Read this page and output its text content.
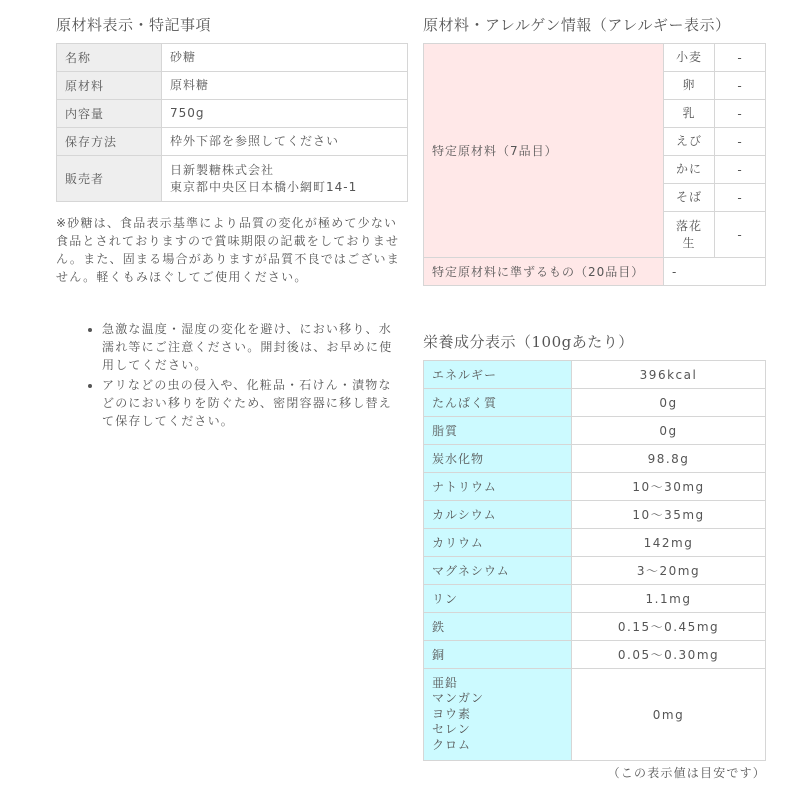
原材料表示・特記事項
名称	砂糖

原材料	原料糖

内容量	750g

保存方法	枠外下部を参照してください

販売者	日新製糖株式会社
東京都中央区日本橋小網町14-1
※砂糖は、食品表示基準により品質の変化が極めて少ない食品とされておりますので賞味期限の記載をしておりません。また、固まる場合がありますが品質不良ではございません。軽くもみほぐしてご使用ください。
• 急激な温度・湿度の変化を避け、におい移り、水濡れ等にご注意ください。開封後は、お早めに使用してください。
• アリなどの虫の侵入や、化粧品・石けん・漬物などのにおい移りを防ぐため、密閉容器に移し替えて保存してください。
原材料・アレルゲン情報（アレルギー表示）
特定原材料（7品目）	小麦	-

	卵	-

	乳	-

	えび	-

	かに	-

	そば	-

	落花
生	-
特定原材料に準ずるもの（20品目）	-	
栄養成分表示（100gあたり）
エネルギー	396kcal
たんぱく質	0g
脂質	0g
炭水化物	98.8g
ナトリウム	10〜30mg
カルシウム	10〜35mg
カリウム	142mg
マグネシウム	3〜20mg
リン	1.1mg
鉄	0.15〜0.45mg
銅	0.05〜0.30mg

亜鉛
マンガン
ヨウ素
セレン
クロム	0mg
（この表示値は目安です）
